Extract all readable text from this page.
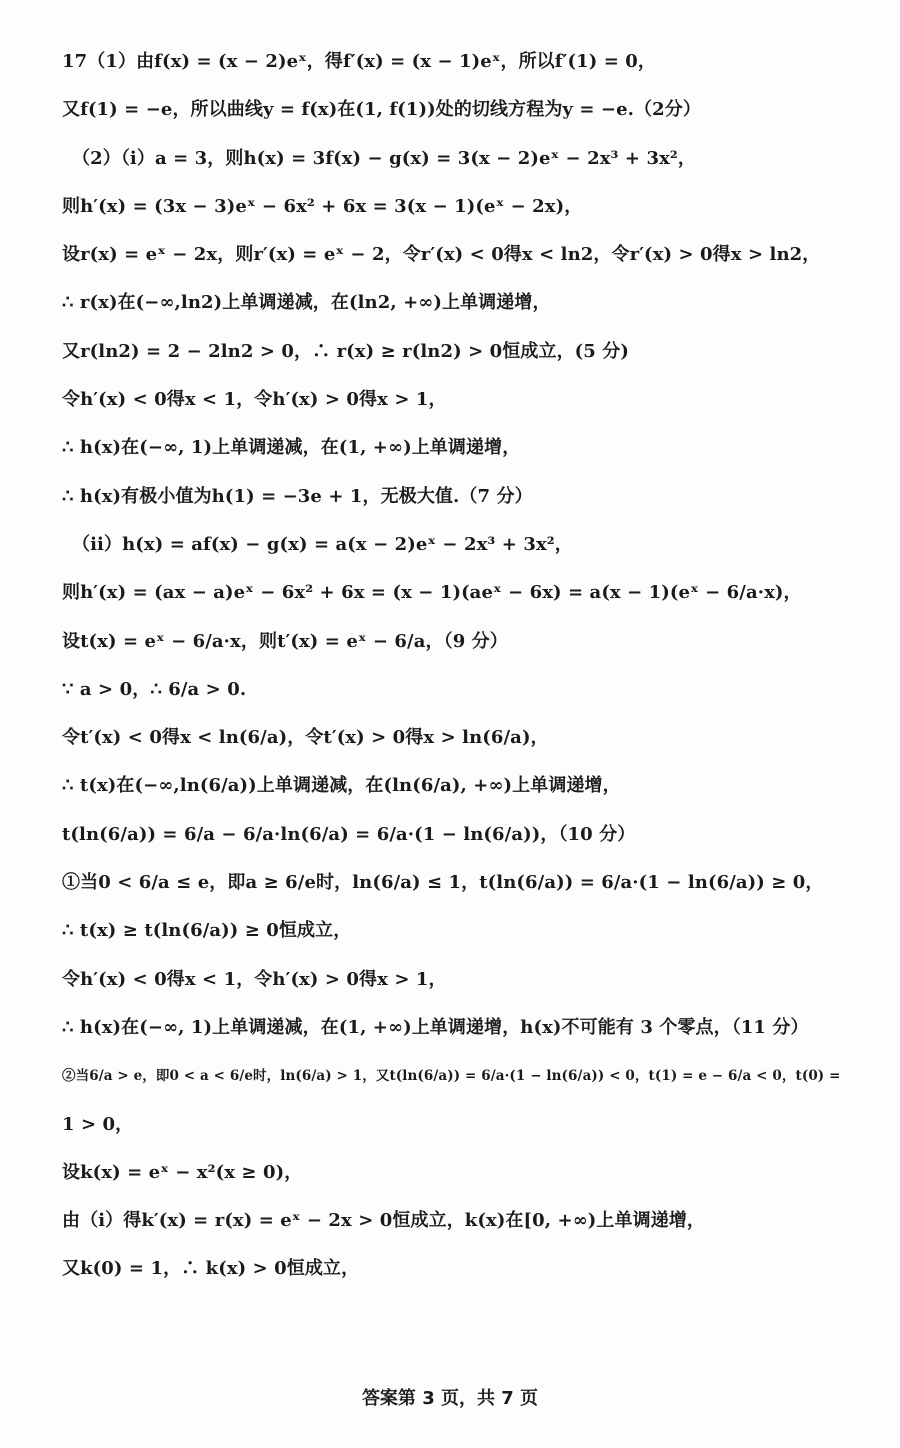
17（1）由f(x) = (x − 2)eˣ，得f′(x) = (x − 1)eˣ，所以f′(1) = 0，
又f(1) = −e，所以曲线y = f(x)在(1, f(1))处的切线方程为y = −e.（2分）
（2）（i）a = 3，则h(x) = 3f(x) − g(x) = 3(x − 2)eˣ − 2x³ + 3x²，
则h′(x) = (3x − 3)eˣ − 6x² + 6x = 3(x − 1)(eˣ − 2x)，
设r(x) = eˣ − 2x，则r′(x) = eˣ − 2，令r′(x) < 0得x < ln2，令r′(x) > 0得x > ln2，
∴ r(x)在(−∞,ln2)上单调递减，在(ln2, +∞)上单调递增，
又r(ln2) = 2 − 2ln2 > 0，∴ r(x) ≥ r(ln2) > 0恒成立，(5 分)
令h′(x) < 0得x < 1，令h′(x) > 0得x > 1，
∴ h(x)在(−∞, 1)上单调递减，在(1, +∞)上单调递增，
∴ h(x)有极小值为h(1) = −3e + 1，无极大值.（7 分）
（ii）h(x) = af(x) − g(x) = a(x − 2)eˣ − 2x³ + 3x²，
则h′(x) = (ax − a)eˣ − 6x² + 6x = (x − 1)(aeˣ − 6x) = a(x − 1)(eˣ − 6/a·x)，
设t(x) = eˣ − 6/a·x，则t′(x) = eˣ − 6/a，（9 分）
∵ a > 0，∴ 6/a > 0.
令t′(x) < 0得x < ln(6/a)，令t′(x) > 0得x > ln(6/a)，
∴ t(x)在(−∞,ln(6/a))上单调递减，在(ln(6/a), +∞)上单调递增，
t(ln(6/a)) = 6/a − 6/a·ln(6/a) = 6/a·(1 − ln(6/a))，（10 分）
①当0 < 6/a ≤ e，即a ≥ 6/e时，ln(6/a) ≤ 1，t(ln(6/a)) = 6/a·(1 − ln(6/a)) ≥ 0，
∴ t(x) ≥ t(ln(6/a)) ≥ 0恒成立，
令h′(x) < 0得x < 1，令h′(x) > 0得x > 1，
∴ h(x)在(−∞, 1)上单调递减，在(1, +∞)上单调递增，h(x)不可能有 3 个零点，（11 分）
②当6/a > e，即0 < a < 6/e时，ln(6/a) > 1，又t(ln(6/a)) = 6/a·(1 − ln(6/a)) < 0，t(1) = e − 6/a < 0，t(0) =
1 > 0，
设k(x) = eˣ − x²(x ≥ 0)，
由（i）得k′(x) = r(x) = eˣ − 2x > 0恒成立，k(x)在[0, +∞)上单调递增，
又k(0) = 1，∴ k(x) > 0恒成立，
答案第 3 页，共 7 页
